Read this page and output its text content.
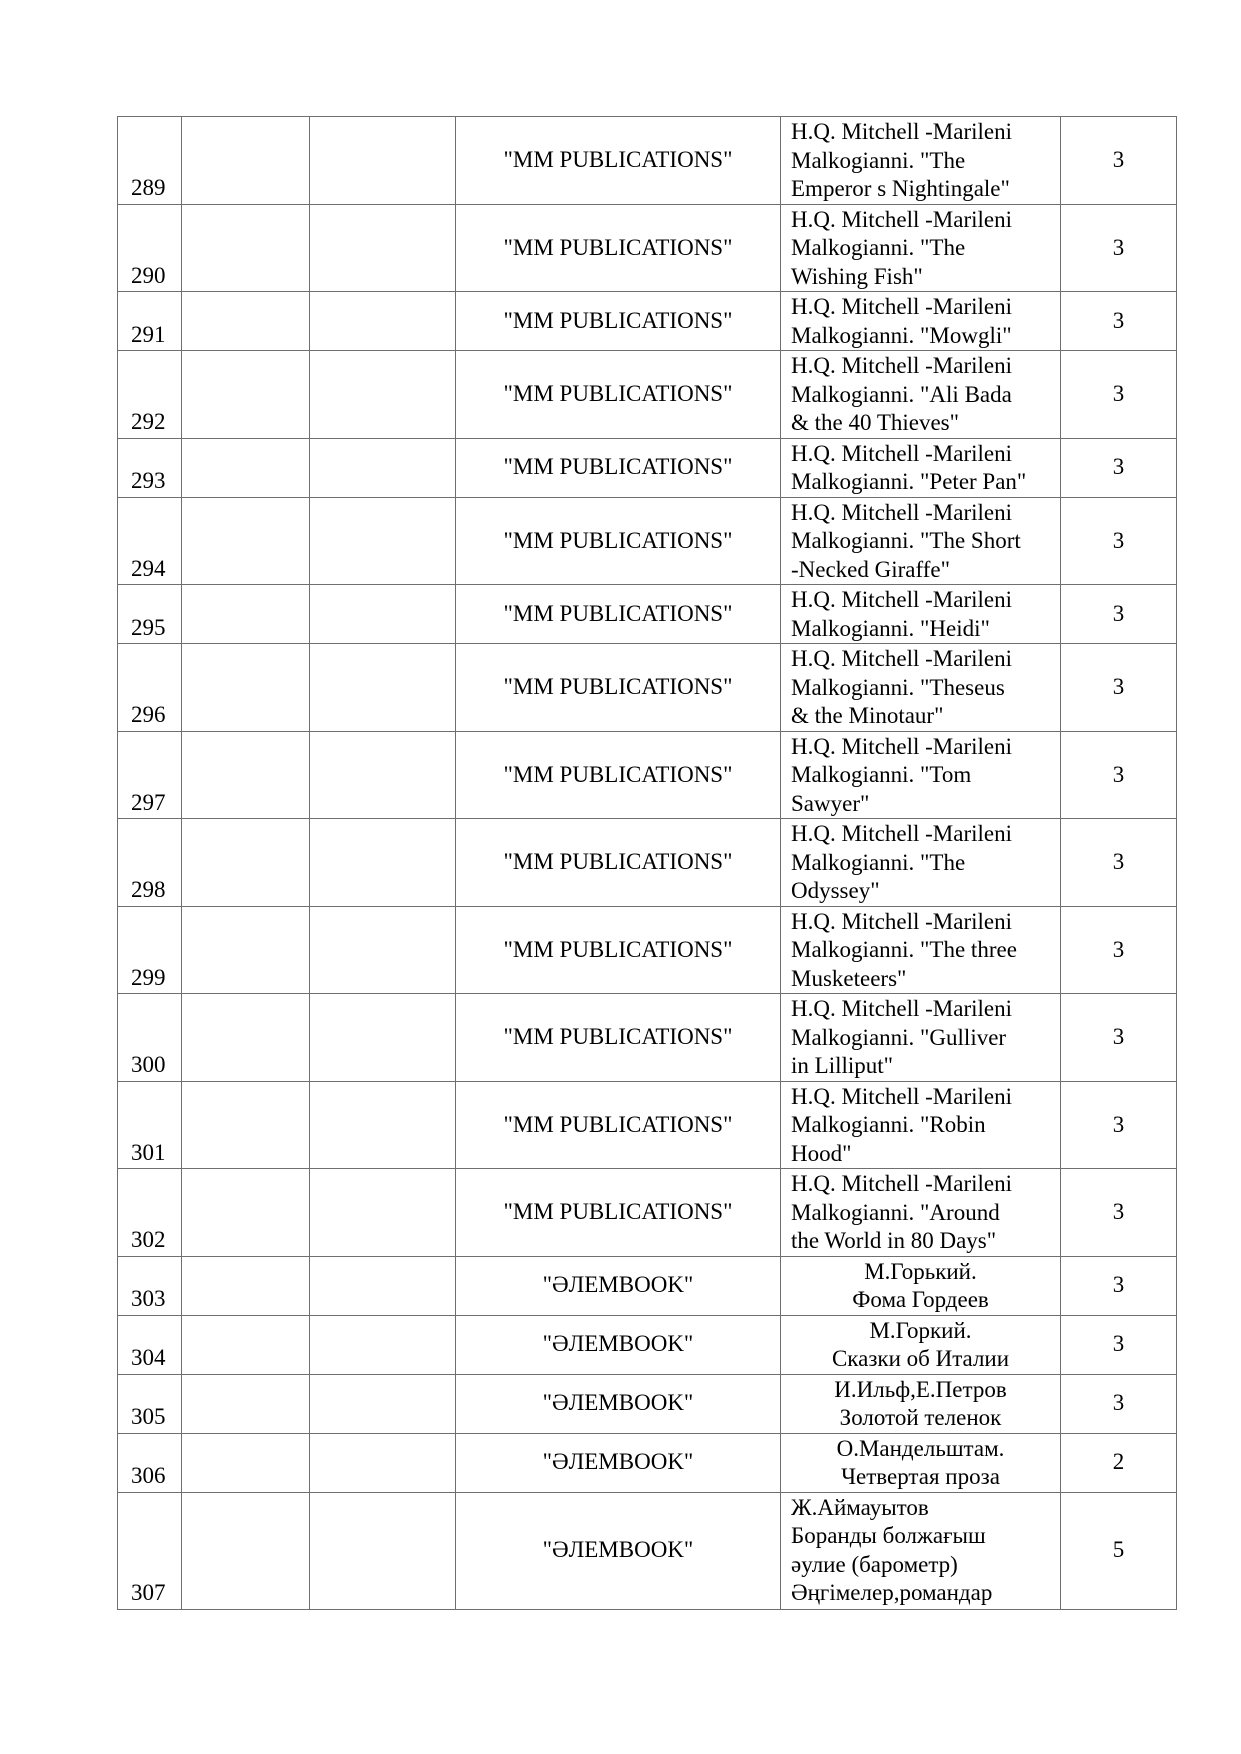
289			"MM PUBLICATIONS"	H.Q. Mitchell -Marileni
Malkogianni. "The
Emperor s Nightingale"	3
290			"MM PUBLICATIONS"	H.Q. Mitchell -Marileni
Malkogianni. "The
Wishing Fish"	3
291			"MM PUBLICATIONS"	H.Q. Mitchell -Marileni
Malkogianni. "Mowgli"	3
292			"MM PUBLICATIONS"	H.Q. Mitchell -Marileni
Malkogianni. "Ali Bada
& the 40 Thieves"	3
293			"MM PUBLICATIONS"	H.Q. Mitchell -Marileni
Malkogianni. "Peter Pan"	3
294			"MM PUBLICATIONS"	H.Q. Mitchell -Marileni
Malkogianni. "The Short
-Necked Giraffe"	3
295			"MM PUBLICATIONS"	H.Q. Mitchell -Marileni
Malkogianni. "Heidi"	3
296			"MM PUBLICATIONS"	H.Q. Mitchell -Marileni
Malkogianni. "Theseus
& the Minotaur"	3
297			"MM PUBLICATIONS"	H.Q. Mitchell -Marileni
Malkogianni. "Tom
Sawyer"	3
298			"MM PUBLICATIONS"	H.Q. Mitchell -Marileni
Malkogianni. "The
Odyssey"	3
299			"MM PUBLICATIONS"	H.Q. Mitchell -Marileni
Malkogianni. "The three
Musketeers"	3
300			"MM PUBLICATIONS"	H.Q. Mitchell -Marileni
Malkogianni. "Gulliver
in Lilliput"	3
301			"MM PUBLICATIONS"	H.Q. Mitchell -Marileni
Malkogianni. "Robin
Hood"	3
302			"MM PUBLICATIONS"	H.Q. Mitchell -Marileni
Malkogianni. "Around
the World in 80 Days"	3
303			"ӘЛЕМBOOK"	М.Горький.
Фома Гордеев	3
304			"ӘЛЕМBOOK"	М.Горкий.
Сказки об Италии	3
305			"ӘЛЕМBOOK"	И.Ильф,Е.Петров
Золотой теленок	3
306			"ӘЛЕМBOOK"	О.Мандельштам.
Четвертая проза	2
307			"ӘЛЕМBOOK"	Ж.Аймауытов
Боранды болжағыш
әулие (барометр)
Әңгімелер,романдар	5
